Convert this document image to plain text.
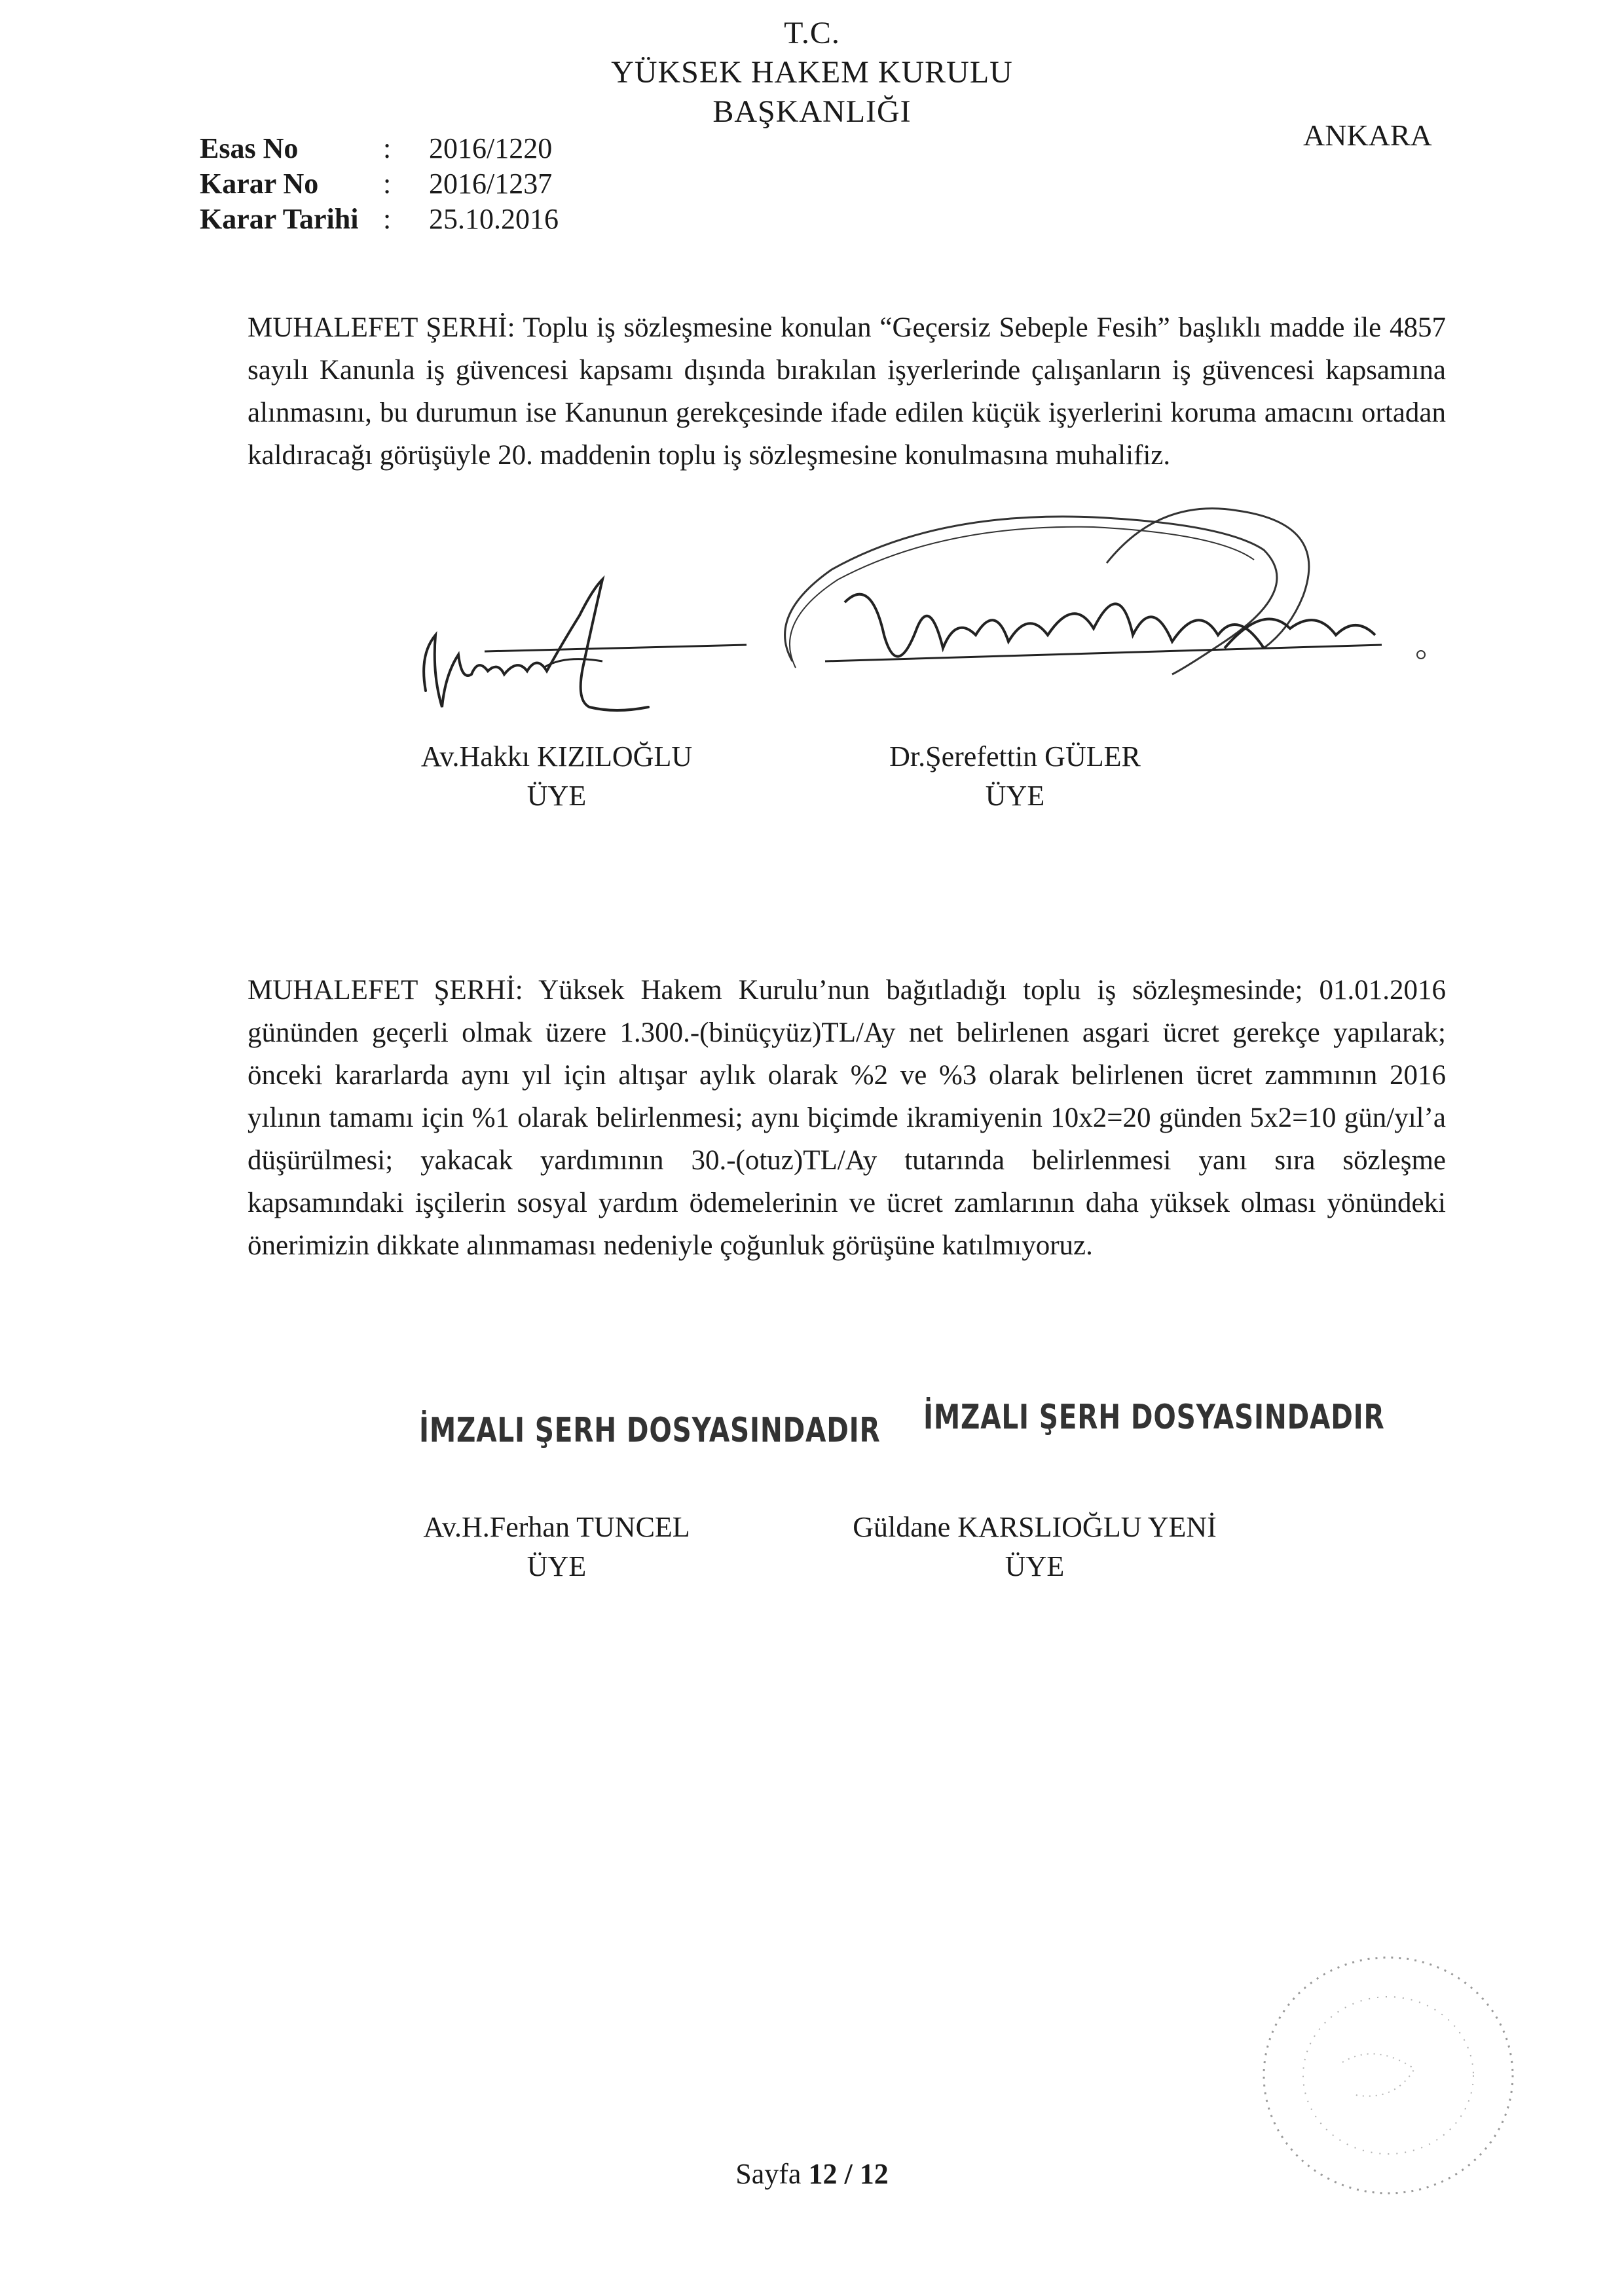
T.C.
YÜKSEK HAKEM KURULU
BAŞKANLIĞI
ANKARA
Esas No	: 2016/1220
Karar No : 2016/1237
Karar Tarihi : 25.10.2016
MUHALEFET ŞERHİ: Toplu iş sözleşmesine konulan “Geçersiz Sebeple Fesih” başlıklı madde ile 4857 sayılı Kanunla iş güvencesi kapsamı dışında bırakılan işyerlerinde çalışanların iş güvencesi kapsamına alınmasını, bu durumun ise Kanunun gerekçesinde ifade edilen küçük işyerlerini koruma amacını ortadan kaldıracağı görüşüyle 20. maddenin toplu iş sözleşmesine konulmasına muhalifiz.
Av.Hakkı KIZILOĞLU
ÜYE
Dr.Şerefettin GÜLER
ÜYE
MUHALEFET ŞERHİ: Yüksek Hakem Kurulu’nun bağıtladığı toplu iş sözleşmesinde; 01.01.2016 gününden geçerli olmak üzere 1.300.-(binüçyüz)TL/Ay net belirlenen asgari ücret gerekçe yapılarak; önceki kararlarda aynı yıl için altışar aylık olarak %2 ve %3 olarak belirlenen ücret zammının 2016 yılının tamamı için %1 olarak belirlenmesi; aynı biçimde ikramiyenin 10x2=20 günden 5x2=10 gün/yıl’a düşürülmesi; yakacak yardımının 30.-(otuz)TL/Ay tutarında belirlenmesi yanı sıra sözleşme kapsamındaki işçilerin sosyal yardım ödemelerinin ve ücret zamlarının daha yüksek olması yönündeki önerimizin dikkate alınmaması nedeniyle çoğunluk görüşüne katılmıyoruz.
İMZALI ŞERH DOSYASINDADIR İMZALI ŞERH DOSYASINDADIR
Av.H.Ferhan TUNCEL
ÜYE
Güldane KARSLIOĞLU YENİ
ÜYE
Sayfa 12 / 12
